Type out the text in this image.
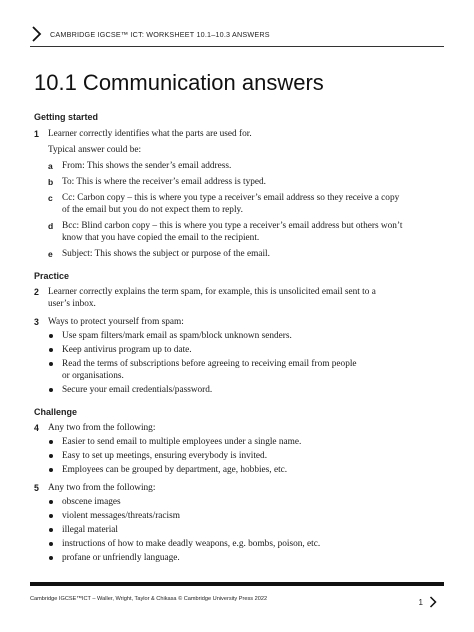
CAMBRIDGE IGCSE™ ICT: WORKSHEET 10.1–10.3 ANSWERS
10.1 Communication answers

Getting started

1 Learner correctly identifies what the parts are used for.

Typical answer could be:

a From: This shows the sender’s email address.

b To: This is where the receiver’s email address is typed.

c Cc: Carbon copy – this is where you type a receiver’s email address so they receive a copy

of the email but you do not expect them to reply.

d Bcc: Blind carbon copy – this is where you type a receiver’s email address but others won’t

know that you have copied the email to the recipient.

e Subject: This shows the subject or purpose of the email.

Practice

2 Learner correctly explains the term spam, for example, this is unsolicited email sent to a

user’s inbox.

3 Ways to protect yourself from spam:

Use spam filters/mark email as spam/block unknown senders.

Keep antivirus program up to date.

Read the terms of subscriptions before agreeing to receiving email from people

or organisations.

Secure your email credentials/password.

Challenge

4 Any two from the following:

Easier to send email to multiple employees under a single name.

Easy to set up meetings, ensuring everybody is invited.

Employees can be grouped by department, age, hobbies, etc.

5 Any two from the following:

obscene images

violent messages/threats/racism

illegal material

instructions of how to make deadly weapons, e.g. bombs, poison, etc.

profane or unfriendly language.

Cambridge IGCSE™ICT – Waller, Wright, Taylor & Chikasa © Cambridge University Press 2022	1
